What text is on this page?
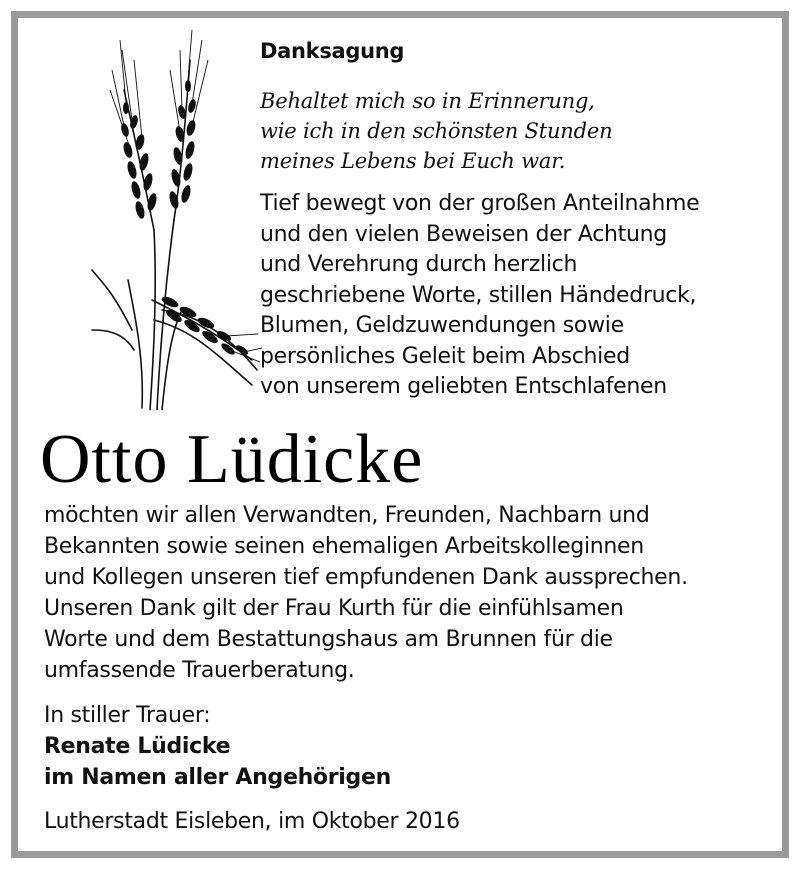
Danksagung
Behaltet mich so in Erinnerung,
wie ich in den schönsten Stunden
meines Lebens bei Euch war.
Tief bewegt von der großen Anteilnahme
und den vielen Beweisen der Achtung
und Verehrung durch herzlich
geschriebene Worte, stillen Händedruck,
Blumen, Geldzuwendungen sowie
persönliches Geleit beim Abschied
von unserem geliebten Entschlafenen
Otto Lüdicke
möchten wir allen Verwandten, Freunden, Nachbarn und
Bekannten sowie seinen ehemaligen Arbeitskolleginnen
und Kollegen unseren tief empfundenen Dank aussprechen.
Unseren Dank gilt der Frau Kurth für die einfühlsamen
Worte und dem Bestattungshaus am Brunnen für die
umfassende Trauerberatung.
In stiller Trauer:
Renate Lüdicke
im Namen aller Angehörigen
Lutherstadt Eisleben, im Oktober 2016
